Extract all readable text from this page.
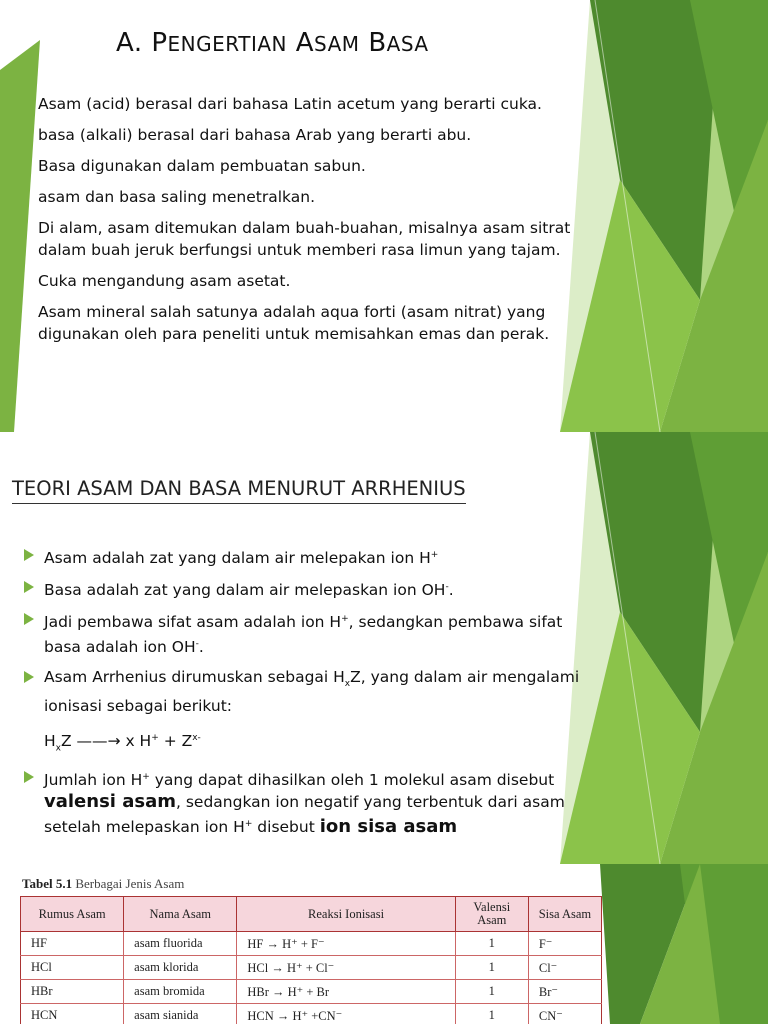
A. PENGERTIAN ASAM BASA

Asam (acid) berasal dari bahasa Latin acetum yang berarti cuka.

basa (alkali) berasal dari bahasa Arab yang berarti abu.

Basa digunakan dalam pembuatan sabun.

asam dan basa saling menetralkan.

Di alam, asam ditemukan dalam buah-buahan, misalnya asam sitrat dalam buah jeruk berfungsi untuk memberi rasa limun yang tajam.

Cuka mengandung asam asetat.

Asam mineral salah satunya adalah aqua forti (asam nitrat) yang digunakan oleh para peneliti untuk memisahkan emas dan perak.

TEORI ASAM DAN BASA MENURUT ARRHENIUS
Asam adalah zat yang dalam air melepakan ion H+
Basa adalah zat yang dalam air melepaskan ion OH-.
Jadi pembawa sifat asam adalah ion H+, sedangkan pembawa sifat basa adalah ion OH-.
Asam Arrhenius dirumuskan sebagai $H_xZ$, yang dalam air mengalami ionisasi sebagai berikut:
$H_xZ$ ——→ x $H^+ + Z^{x-}$
Jumlah ion H+ yang dapat dihasilkan oleh 1 molekul asam disebut valensi asam, sedangkan ion negatif yang terbentuk dari asam setelah melepaskan ion H+ disebut ion sisa asam
Tabel 5.1 Berbagai Jenis Asam
Rumus Asam	Nama Asam	Reaksi Ionisasi	Valensi Asam	Sisa Asam
HF	asam fluorida	HF → H⁺ + F⁻	1	F⁻
HCl	asam klorida	HCl → H⁺ + Cl⁻	1	Cl⁻
HBr	asam bromida	HBr → H⁺ + Br	1	Br⁻
HCN	asam sianida	HCN → H⁺ +CN⁻	1	CN⁻
